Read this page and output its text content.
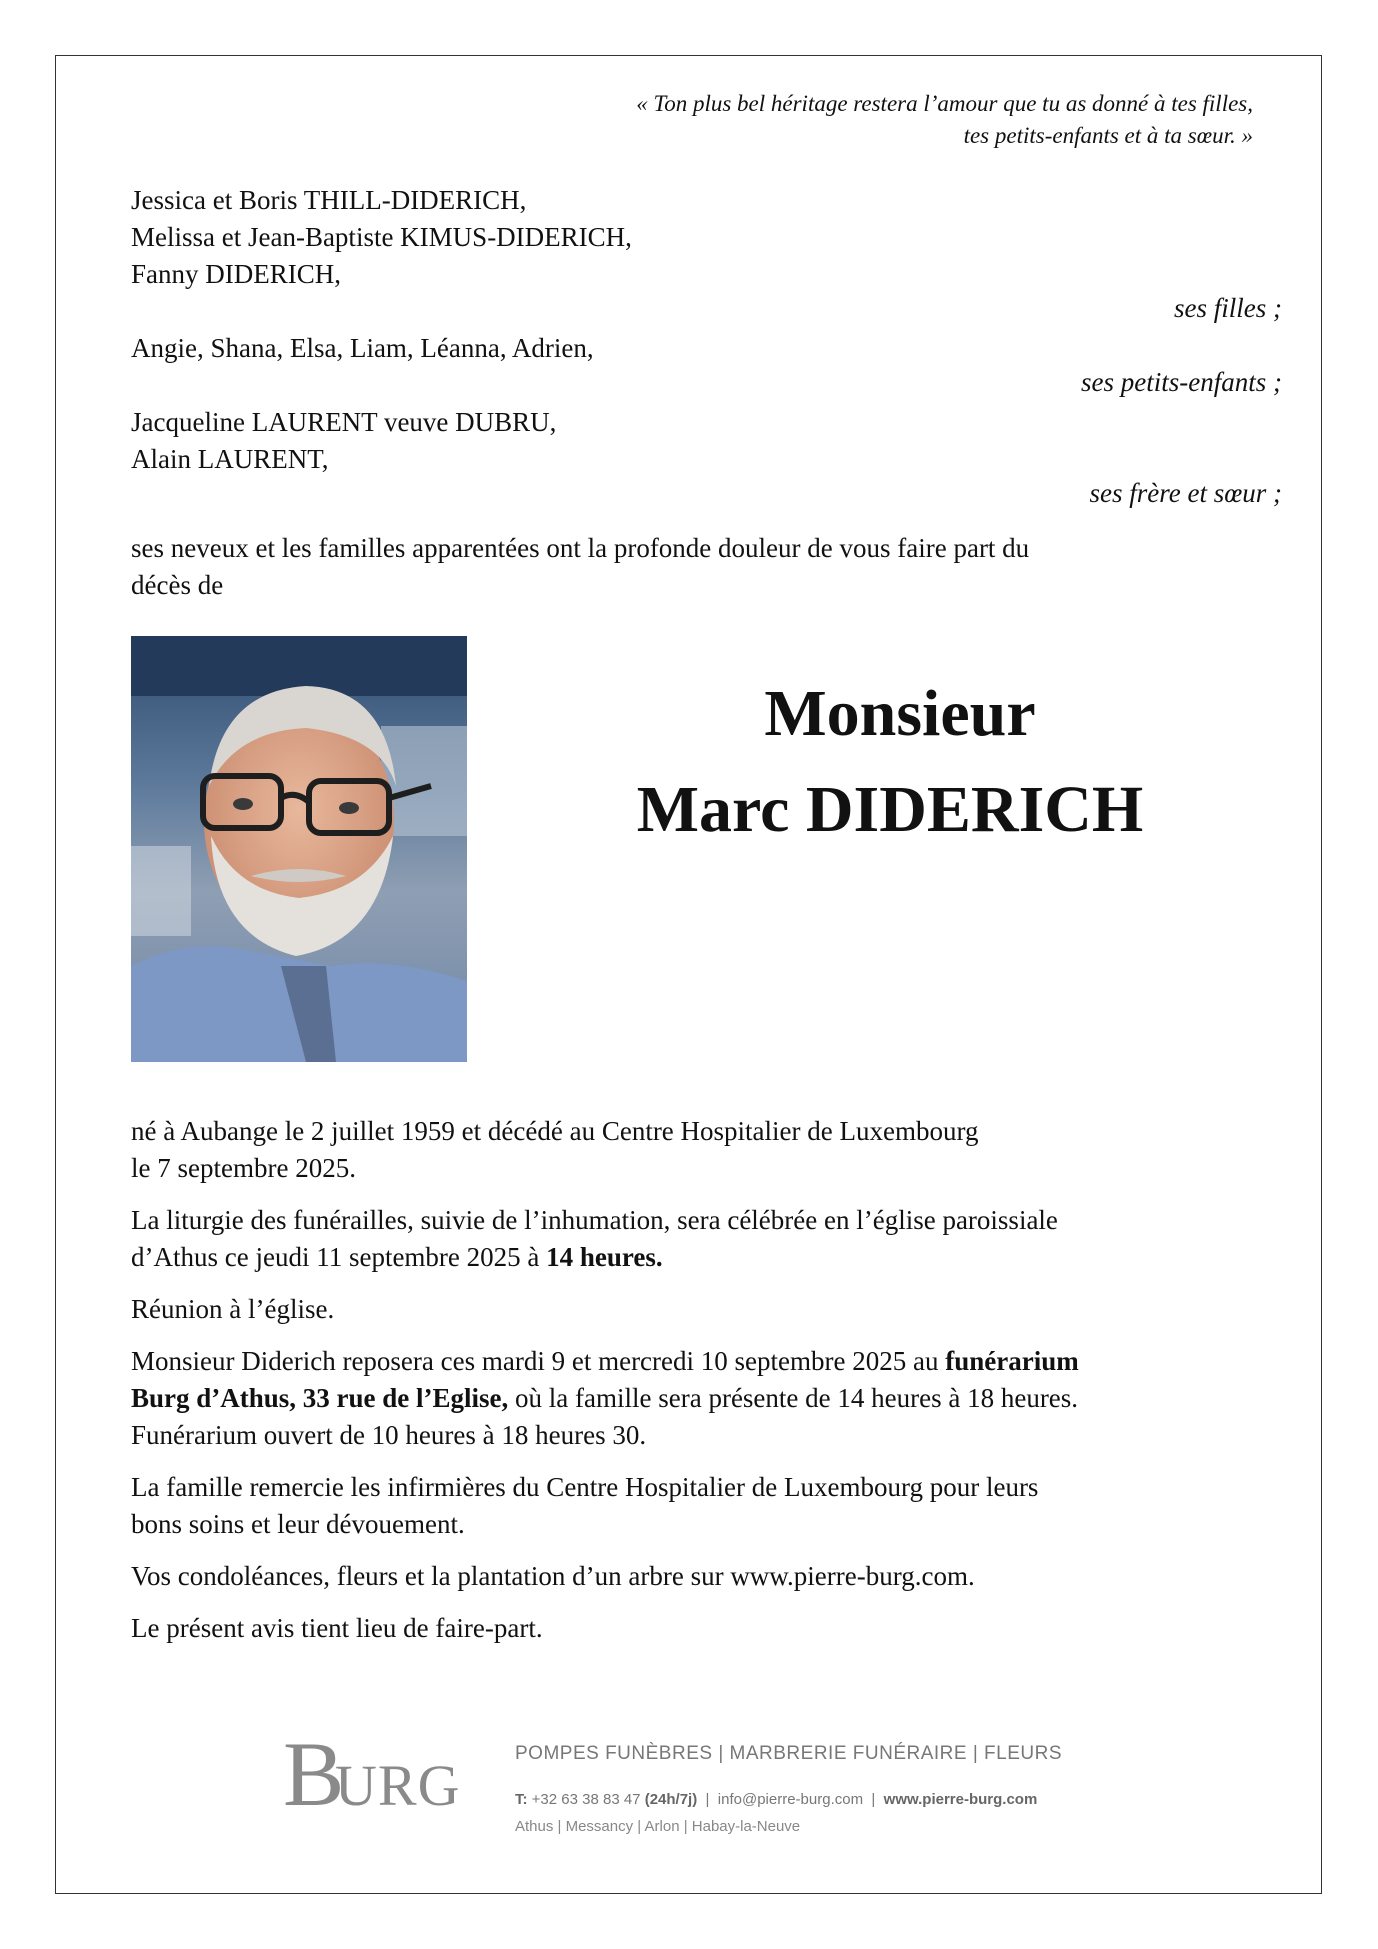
« Ton plus bel héritage restera l’amour que tu as donné à tes filles,
tes petits-enfants et à ta sœur. »
Jessica et Boris THILL-DIDERICH,
Melissa et Jean-Baptiste KIMUS-DIDERICH,
Fanny DIDERICH,
ses filles ;
Angie, Shana, Elsa, Liam, Léanna, Adrien,
ses petits-enfants ;
Jacqueline LAURENT veuve DUBRU,
Alain LAURENT,
ses frère et sœur ;
ses neveux et les familles apparentées ont la profonde douleur de vous faire part du
décès de
Monsieur
Marc DIDERICH
né à Aubange le 2 juillet 1959 et décédé au Centre Hospitalier de Luxembourg
le 7 septembre 2025.
La liturgie des funérailles, suivie de l’inhumation, sera célébrée en l’église paroissiale
d’Athus ce jeudi 11 septembre 2025 à 14 heures.
Réunion à l’église.
Monsieur Diderich reposera ces mardi 9 et mercredi 10 septembre 2025 au funérarium
Burg d’Athus, 33 rue de l’Eglise, où la famille sera présente de 14 heures à 18 heures.
Funérarium ouvert de 10 heures à 18 heures 30.
La famille remercie les infirmières du Centre Hospitalier de Luxembourg pour leurs
bons soins et leur dévouement.
Vos condoléances, fleurs et la plantation d’un arbre sur www.pierre-burg.com.
Le présent avis tient lieu de faire-part.
B
URG	POMPES FUNÈBRES | MARBRERIE FUNÉRAIRE | FLEURS
T: +32 63 38 83 47 (24h/7j)  |  info@pierre-burg.com  |  www.pierre-burg.com
Athus | Messancy | Arlon | Habay-la-Neuve
